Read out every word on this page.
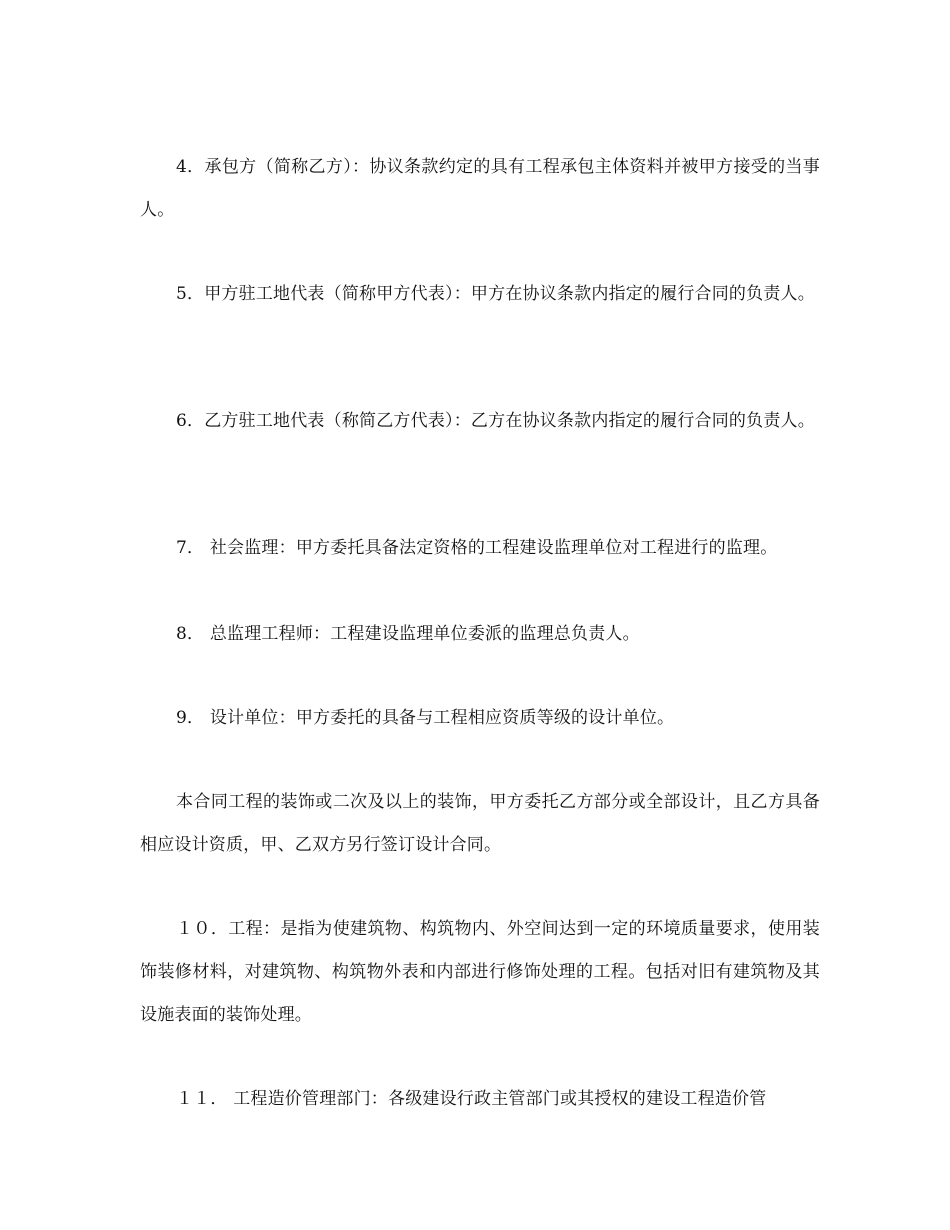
4．承包方（简称乙方）：协议条款约定的具有工程承包主体资料并被甲方接受的当事人。

5．甲方驻工地代表（简称甲方代表）：甲方在协议条款内指定的履行合同的负责人。

6．乙方驻工地代表（称简乙方代表）：乙方在协议条款内指定的履行合同的负责人。

7． 社会监理：甲方委托具备法定资格的工程建设监理单位对工程进行的监理。

8． 总监理工程师：工程建设监理单位委派的监理总负责人。

9． 设计单位：甲方委托的具备与工程相应资质等级的设计单位。

本合同工程的装饰或二次及以上的装饰，甲方委托乙方部分或全部设计，且乙方具备相应设计资质，甲、乙双方另行签订设计合同。

１０．工程：是指为使建筑物、构筑物内、外空间达到一定的环境质量要求，使用装饰装修材料，对建筑物、构筑物外表和内部进行修饰处理的工程。包括对旧有建筑物及其设施表面的装饰处理。

１１． 工程造价管理部门：各级建设行政主管部门或其授权的建设工程造价管
